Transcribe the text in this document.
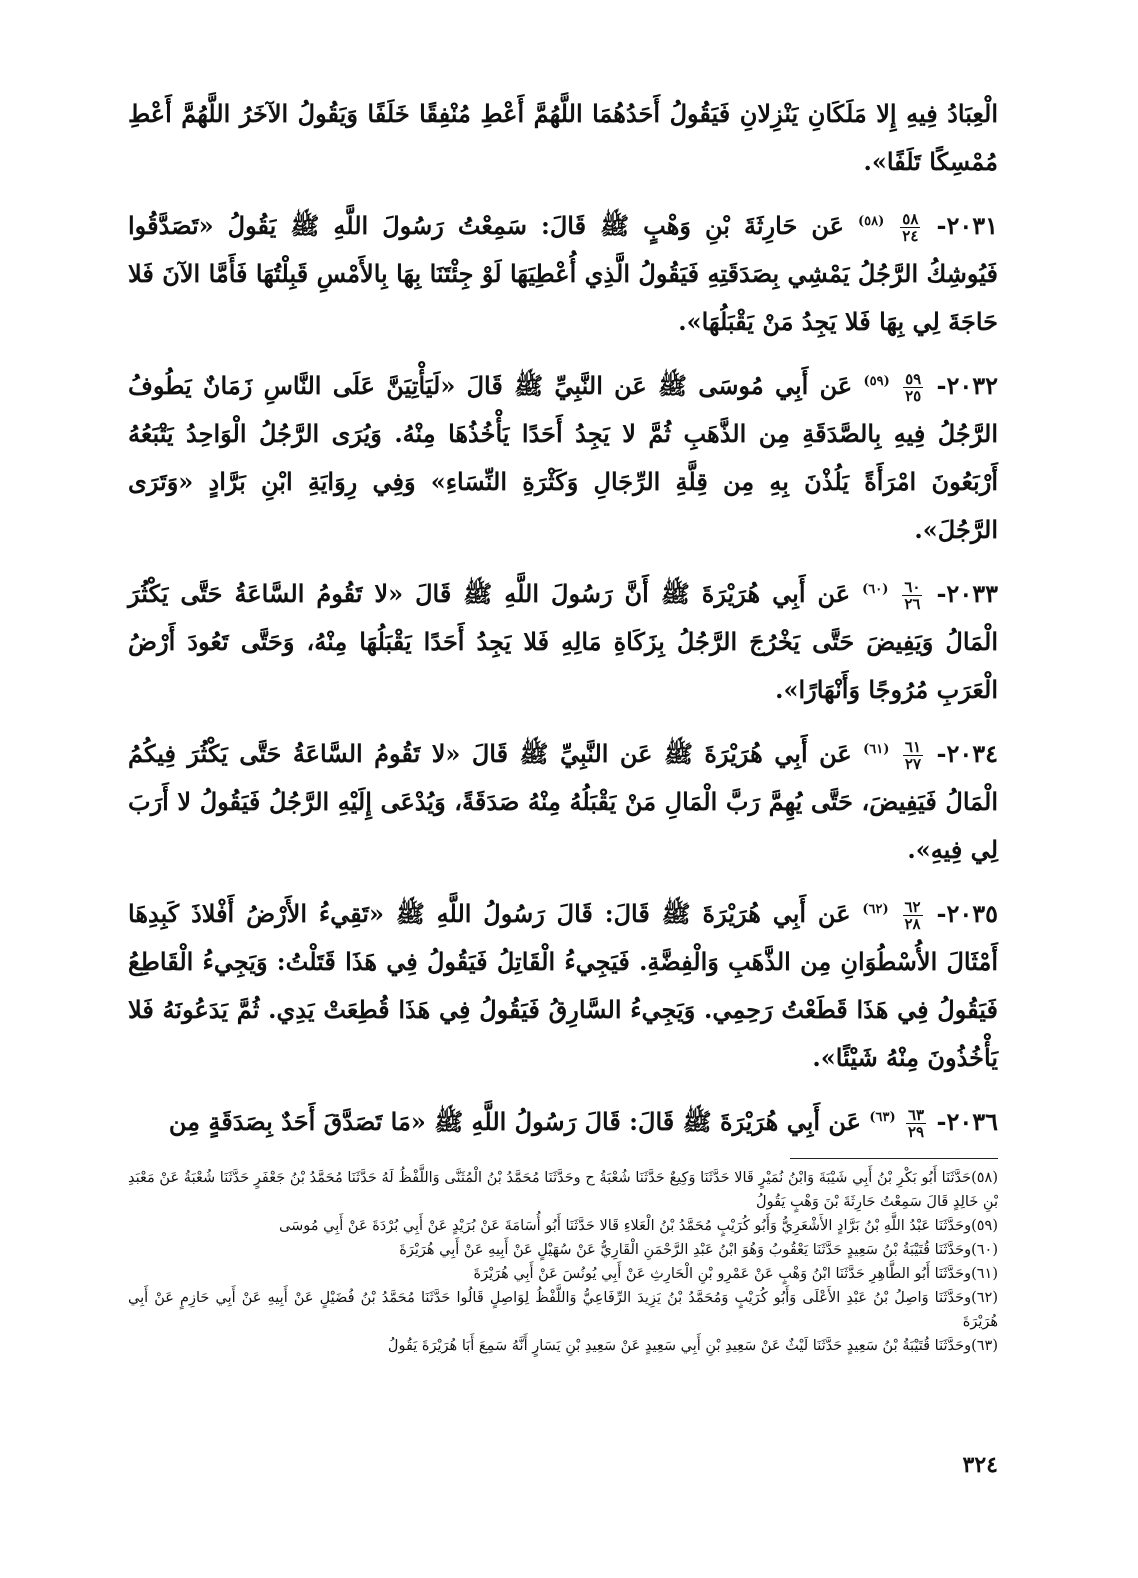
الْعِبَادُ فِيهِ إِلا مَلَكَانِ يَنْزِلانِ فَيَقُولُ أَحَدُهُمَا اللَّهُمَّ أَعْطِ مُنْفِقًا خَلَفًا وَيَقُولُ الآخَرُ اللَّهُمَّ أَعْطِ مُمْسِكًا تَلَفًا».

٢٠٣١-
$\frac{٥٨}{٢٤}$
$^{(٥٨)}$ عَن حَارِثَةَ بْنِ وَهْبٍ ﷺ قَالَ: سَمِعْتُ رَسُولَ اللَّهِ ﷺ يَقُولُ «تَصَدَّقُوا فَيُوشِكُ الرَّجُلُ يَمْشِي بِصَدَقَتِهِ فَيَقُولُ الَّذِي أُعْطِيَهَا لَوْ جِئْتَنَا بِهَا بِالأَمْسِ قَبِلْتُهَا فَأَمَّا الآنَ فَلا حَاجَةَ لِي بِهَا فَلا يَجِدُ مَنْ يَقْبَلُهَا».

٢٠٣٢-
$\frac{٥٩}{٢٥}$
$^{(٥٩)}$ عَن أَبِي مُوسَى ﷺ عَن النَّبِيِّ ﷺ قَالَ «لَيَأْتِيَنَّ عَلَى النَّاسِ زَمَانٌ يَطُوفُ الرَّجُلُ فِيهِ بِالصَّدَقَةِ مِن الذَّهَبِ ثُمَّ لا يَجِدُ أَحَدًا يَأْخُذُهَا مِنْهُ. وَيُرَى الرَّجُلُ الْوَاحِدُ يَتْبَعُهُ أَرْبَعُونَ امْرَأَةً يَلُذْنَ بِهِ مِن قِلَّةِ الرِّجَالِ وَكَثْرَةِ النِّسَاءِ» وَفِي رِوَايَةِ ابْنِ بَرَّادٍ «وَتَرَى الرَّجُلَ».

٢٠٣٣-
$\frac{٦٠}{٢٦}$
$^{(٦٠)}$ عَن أَبِي هُرَيْرَةَ ﷺ أَنَّ رَسُولَ اللَّهِ ﷺ قَالَ «لا تَقُومُ السَّاعَةُ حَتَّى يَكْثُرَ الْمَالُ وَيَفِيضَ حَتَّى يَخْرُجَ الرَّجُلُ بِزَكَاةِ مَالِهِ فَلا يَجِدُ أَحَدًا يَقْبَلُهَا مِنْهُ، وَحَتَّى تَعُودَ أَرْضُ الْعَرَبِ مُرُوجًا وَأَنْهَارًا».

٢٠٣٤-
$\frac{٦١}{٢٧}$
$^{(٦١)}$ عَن أَبِي هُرَيْرَةَ ﷺ عَن النَّبِيِّ ﷺ قَالَ «لا تَقُومُ السَّاعَةُ حَتَّى يَكْثُرَ فِيكُمُ الْمَالُ فَيَفِيضَ، حَتَّى يُهِمَّ رَبَّ الْمَالِ مَنْ يَقْبَلُهُ مِنْهُ صَدَقَةً، وَيُدْعَى إِلَيْهِ الرَّجُلُ فَيَقُولُ لا أَرَبَ لِي فِيهِ».

٢٠٣٥-
$\frac{٦٢}{٢٨}$
$^{(٦٢)}$ عَن أَبِي هُرَيْرَةَ ﷺ قَالَ: قَالَ رَسُولُ اللَّهِ ﷺ «تَقِيءُ الأَرْضُ أَفْلاذَ كَبِدِهَا أَمْثَالَ الأُسْطُوَانِ مِن الذَّهَبِ وَالْفِضَّةِ. فَيَجِيءُ الْقَاتِلُ فَيَقُولُ فِي هَذَا قَتَلْتُ: وَيَجِيءُ الْقَاطِعُ فَيَقُولُ فِي هَذَا قَطَعْتُ رَحِمِي. وَيَجِيءُ السَّارِقُ فَيَقُولُ فِي هَذَا قُطِعَتْ يَدِي. ثُمَّ يَدَعُونَهُ فَلا يَأْخُذُونَ مِنْهُ شَيْئًا».

٢٠٣٦-
$\frac{٦٣}{٢٩}$
$^{(٦٣)}$ عَن أَبِي هُرَيْرَةَ ﷺ قَالَ: قَالَ رَسُولُ اللَّهِ ﷺ «مَا تَصَدَّقَ أَحَدٌ بِصَدَقَةٍ مِن

(٥٨)حَدَّثَنَا أَبُو بَكْرِ بْنُ أَبِي شَيْبَةَ وَابْنُ نُمَيْرٍ قَالا حَدَّثَنَا وَكِيعٌ حَدَّثَنَا شُعْبَةُ ح وحَدَّثَنَا مُحَمَّدُ بْنُ الْمُثَنَّى وَاللَّفْظُ لَهُ حَدَّثَنَا مُحَمَّدُ بْنُ جَعْفَرٍ حَدَّثَنَا شُعْبَةُ عَنْ مَعْبَدِ بْنِ خَالِدٍ قَالَ سَمِعْتُ حَارِثَةَ بْنَ وَهْبٍ يَقُولُ

(٥٩)وحَدَّثَنَا عَبْدُ اللَّهِ بْنُ بَرَّادٍ الأَشْعَرِيُّ وَأَبُو كُرَيْبٍ مُحَمَّدُ بْنُ الْعَلاءِ قَالا حَدَّثَنَا أَبُو أُسَامَةَ عَنْ بُرَيْدٍ عَنْ أَبِي بُرْدَةَ عَنْ أَبِي مُوسَى

(٦٠)وحَدَّثَنَا قُتَيْبَةُ بْنُ سَعِيدٍ حَدَّثَنَا يَعْقُوبُ وَهُوَ ابْنُ عَبْدِ الرَّحْمَنِ الْقَارِيُّ عَنْ سُهَيْلٍ عَنْ أَبِيهِ عَنْ أَبِي هُرَيْرَةَ

(٦١)وحَدَّثَنَا أَبُو الطَّاهِرِ حَدَّثَنَا ابْنُ وَهْبٍ عَنْ عَمْرِو بْنِ الْحَارِثِ عَنْ أَبِي يُونُسَ عَنْ أَبِي هُرَيْرَةَ

(٦٢)وحَدَّثَنَا وَاصِلُ بْنُ عَبْدِ الأَعْلَى وَأَبُو كُرَيْبٍ وَمُحَمَّدُ بْنُ يَزِيدَ الرِّفَاعِيُّ وَاللَّفْظُ لِوَاصِلٍ قَالُوا حَدَّثَنَا مُحَمَّدُ بْنُ فُضَيْلٍ عَنْ أَبِيهِ عَنْ أَبِي حَازِمٍ عَنْ أَبِي هُرَيْرَةَ

(٦٣)وحَدَّثَنَا قُتَيْبَةُ بْنُ سَعِيدٍ حَدَّثَنَا لَيْثٌ عَنْ سَعِيدِ بْنِ أَبِي سَعِيدٍ عَنْ سَعِيدِ بْنِ يَسَارٍ أَنَّهُ سَمِعَ أَبَا هُرَيْرَةَ يَقُولُ

٣٢٤
